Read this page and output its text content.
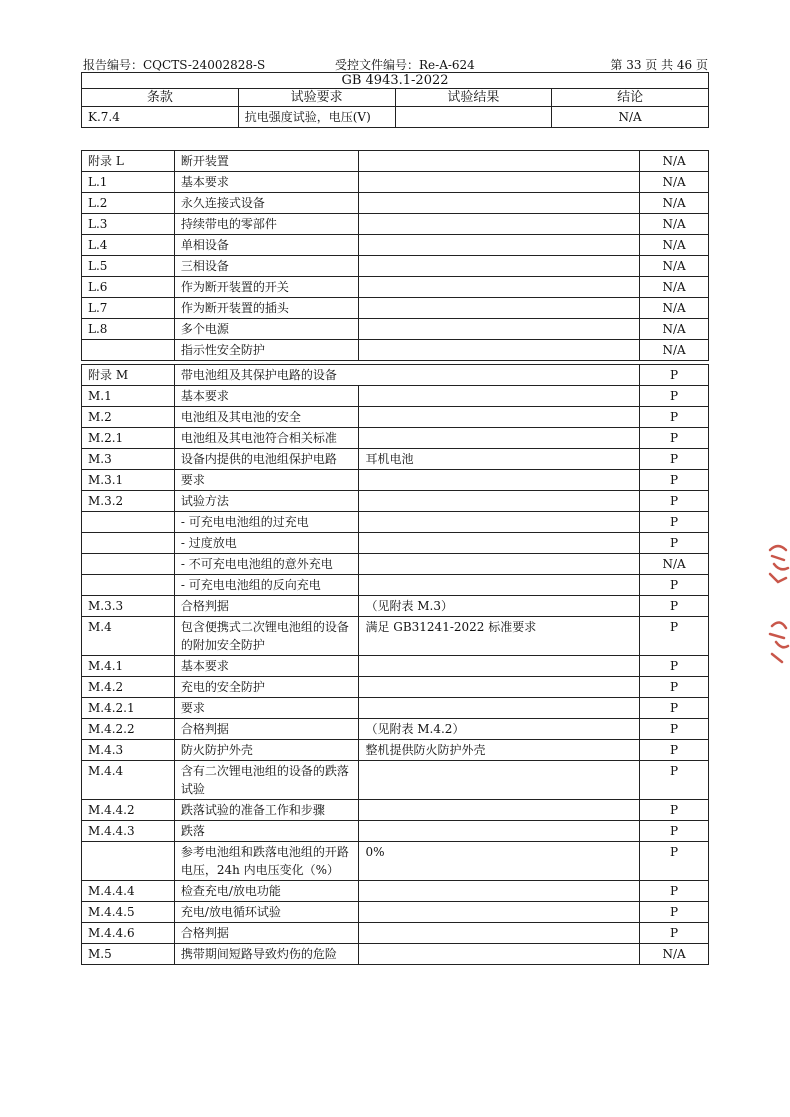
报告编号：CQCTS-24002828-S	受控文件编号：Re-A-624	第 33 页 共 46 页
GB 4943.1-2022			
条款	试验要求	试验结果	结论
K.7.4	抗电强度试验，电压(V)		N/A
附录 L	断开装置		N/A
L.1	基本要求		N/A
L.2	永久连接式设备		N/A
L.3	持续带电的零部件		N/A
L.4	单相设备		N/A
L.5	三相设备		N/A
L.6	作为断开装置的开关		N/A
L.7	作为断开装置的插头		N/A
L.8	多个电源		N/A
	指示性安全防护		N/A
附录 M	带电池组及其保护电路的设备		P
M.1	基本要求		P
M.2	电池组及其电池的安全		P
M.2.1	电池组及其电池符合相关标准		P
M.3	设备内提供的电池组保护电路	耳机电池	P
M.3.1	要求		P
M.3.2	试验方法		P
	- 可充电电池组的过充电		P
	- 过度放电		P
	- 不可充电电池组的意外充电		N/A
	- 可充电电池组的反向充电		P
M.3.3	合格判据	（见附表 M.3）	P
M.4	包含便携式二次锂电池组的设备的附加安全防护	满足 GB31241-2022 标准要求	P
M.4.1	基本要求		P
M.4.2	充电的安全防护		P
M.4.2.1	要求		P
M.4.2.2	合格判据	（见附表 M.4.2）	P
M.4.3	防火防护外壳	整机提供防火防护外壳	P
M.4.4	含有二次锂电池组的设备的跌落试验		P
M.4.4.2	跌落试验的准备工作和步骤		P
M.4.4.3	跌落		P
	参考电池组和跌落电池组的开路电压，24h 内电压变化（%）	0%	P
M.4.4.4	检查充电/放电功能		P
M.4.4.5	充电/放电循环试验		P
M.4.4.6	合格判据		P
M.5	携带期间短路导致灼伤的危险		N/A
